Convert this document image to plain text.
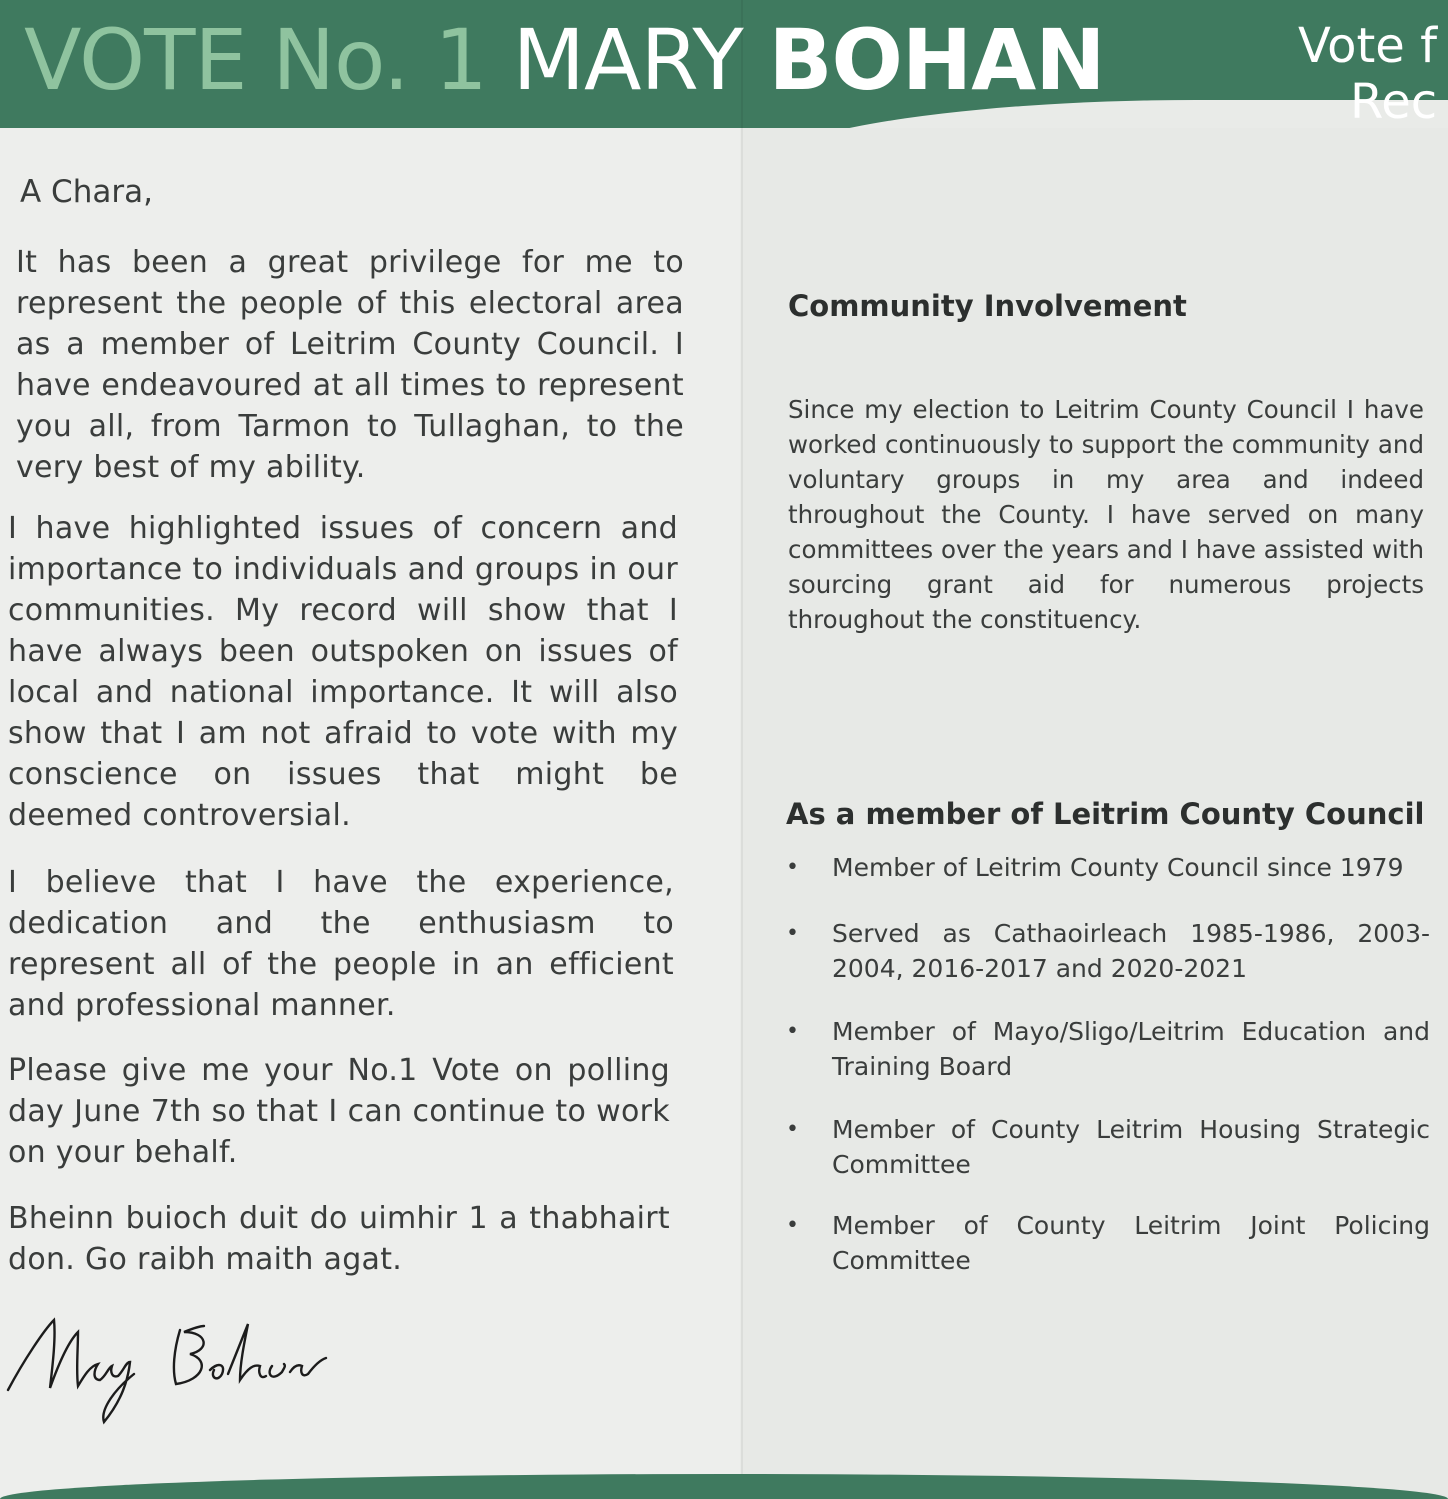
VOTE No. 1 MARY BOHAN	Vote f
Rec
A Chara,
It has been a great privilege for me to represent the people of this electoral area as a member of Leitrim County Council. I have endeavoured at all times to represent you all, from Tarmon to Tullaghan, to the very best of my ability.
I have highlighted issues of concern and importance to individuals and groups in our communities. My record will show that I have always been outspoken on issues of local and national importance. It will also show that I am not afraid to vote with my conscience on issues that might be deemed controversial.
I believe that I have the experience, dedication and the enthusiasm to represent all of the people in an efficient and professional manner.
Please give me your No.1 Vote on polling day June 7th so that I can continue to work on your behalf.
Bheinn buioch duit do uimhir 1 a thabhairt don. Go raibh maith agat.
Community Involvement
Since my election to Leitrim County Council I have worked continuously to support the community and voluntary groups in my area and indeed throughout the County. I have served on many committees over the years and I have assisted with sourcing grant aid for numerous projects throughout the constituency.
As a member of Leitrim County Council
• Member of Leitrim County Council since 1979
• Served as Cathaoirleach 1985-1986, 2003-2004, 2016-2017 and 2020-2021
• Member of Mayo/Sligo/Leitrim Education and Training Board
• Member of County Leitrim Housing Strategic Committee
• Member of County Leitrim Joint Policing Committee
